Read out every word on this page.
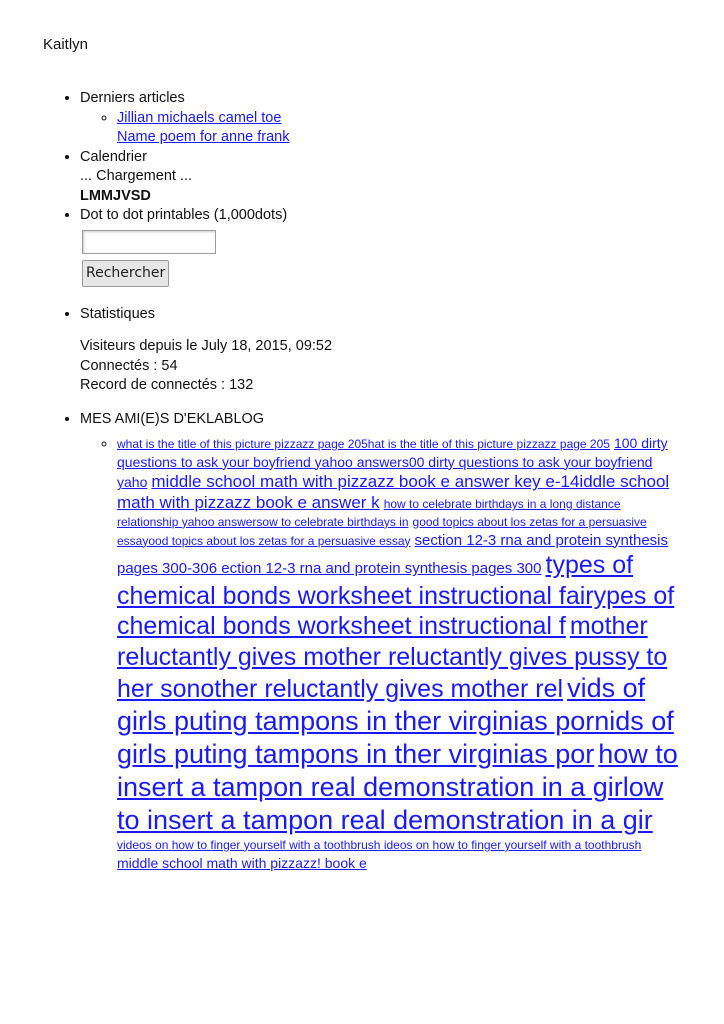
Kaitlyn
• Derniers articles
◦ Jillian michaels camel toe
Name poem for anne frank
• Calendrier
... Chargement ...
LMMJVSD
• Dot to dot printables (1,000dots)
Rechercher
• Statistiques
Visiteurs depuis le July 18, 2015, 09:52
Connectés : 54
Record de connectés : 132
• MES AMI(E)S D'EKLABLOG
◦ what is the title of this picture pizzazz page 205hat is the title of this picture pizzazz page 205 100 dirty questions to ask your boyfriend yahoo answers00 dirty questions to ask your boyfriend yaho middle school math with pizzazz book e answer key e-14iddle school math with pizzazz book e answer k how to celebrate birthdays in a long distance relationship yahoo answersow to celebrate birthdays in good topics about los zetas for a persuasive essayood topics about los zetas for a persuasive essay section 12-3 rna and protein synthesis pages 300-306 ection 12-3 rna and protein synthesis pages 300 types of chemical bonds worksheet instructional fairypes of chemical bonds worksheet instructional f mother reluctantly gives mother reluctantly gives pussy to her sonother reluctantly gives mother rel vids of girls puting tampons in ther virginias pornids of girls puting tampons in ther virginias por how to insert a tampon real demonstration in a girlow to insert a tampon real demonstration in a gir videos on how to finger yourself with a toothbrush ideos on how to finger yourself with a toothbrush middle school math with pizzazz! book e
